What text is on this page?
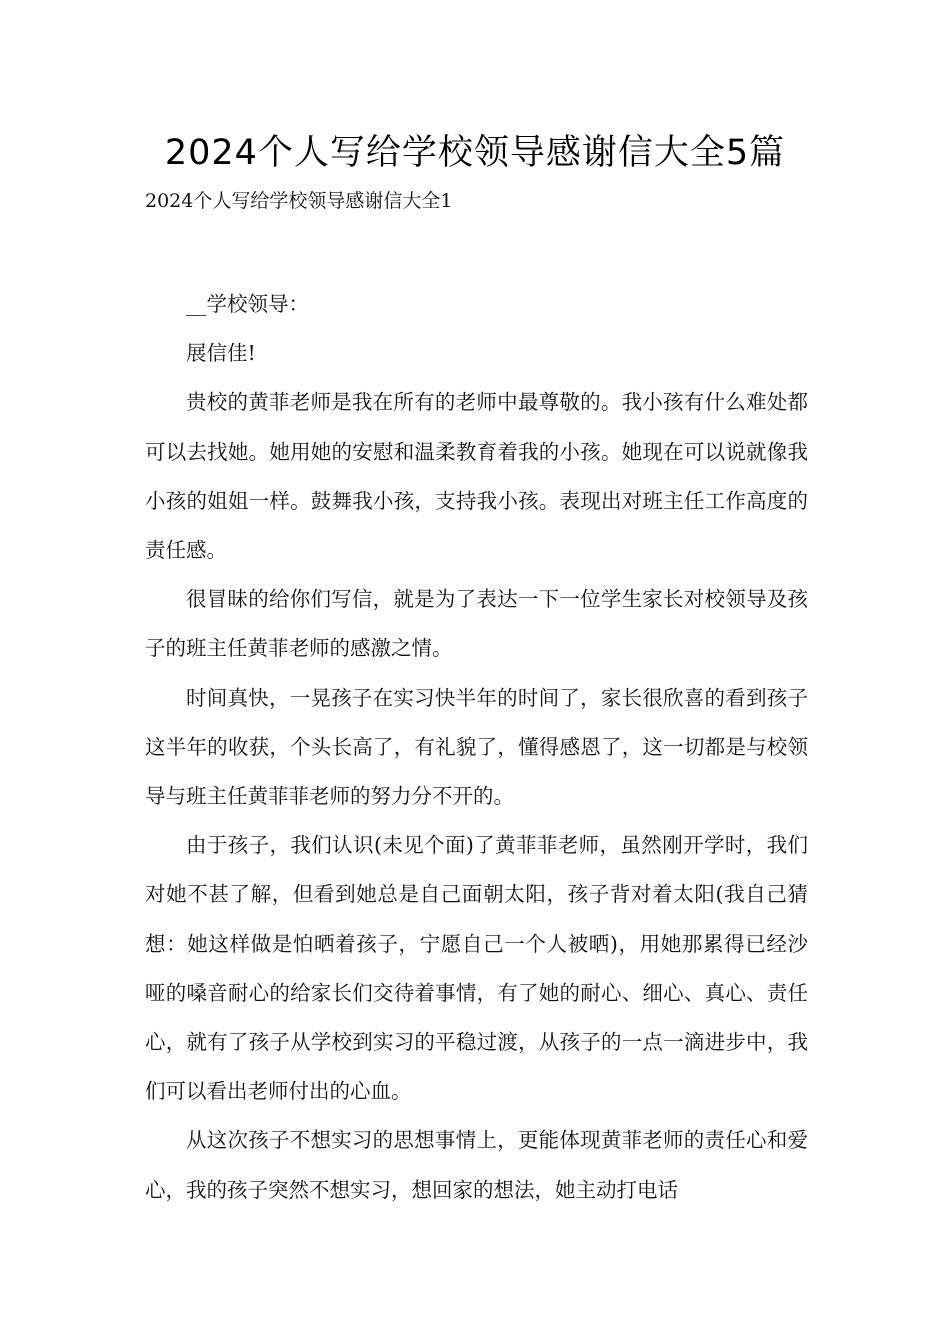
2024个人写给学校领导感谢信大全5篇

2024个人写给学校领导感谢信大全1

__学校领导：

展信佳!

贵校的黄菲老师是我在所有的老师中最尊敬的。我小孩有什么难处都可以去找她。她用她的安慰和温柔教育着我的小孩。她现在可以说就像我小孩的姐姐一样。鼓舞我小孩，支持我小孩。表现出对班主任工作高度的责任感。

很冒昧的给你们写信，就是为了表达一下一位学生家长对校领导及孩子的班主任黄菲老师的感激之情。

时间真快，一晃孩子在实习快半年的时间了，家长很欣喜的看到孩子这半年的收获，个头长高了，有礼貌了，懂得感恩了，这一切都是与校领导与班主任黄菲菲老师的努力分不开的。

由于孩子，我们认识(未见个面)了黄菲菲老师，虽然刚开学时，我们对她不甚了解，但看到她总是自己面朝太阳，孩子背对着太阳(我自己猜想：她这样做是怕晒着孩子，宁愿自己一个人被晒)，用她那累得已经沙哑的嗓音耐心的给家长们交待着事情，有了她的耐心、细心、真心、责任心，就有了孩子从学校到实习的平稳过渡，从孩子的一点一滴进步中，我们可以看出老师付出的心血。

从这次孩子不想实习的思想事情上，更能体现黄菲老师的责任心和爱心，我的孩子突然不想实习，想回家的想法，她主动打电话
